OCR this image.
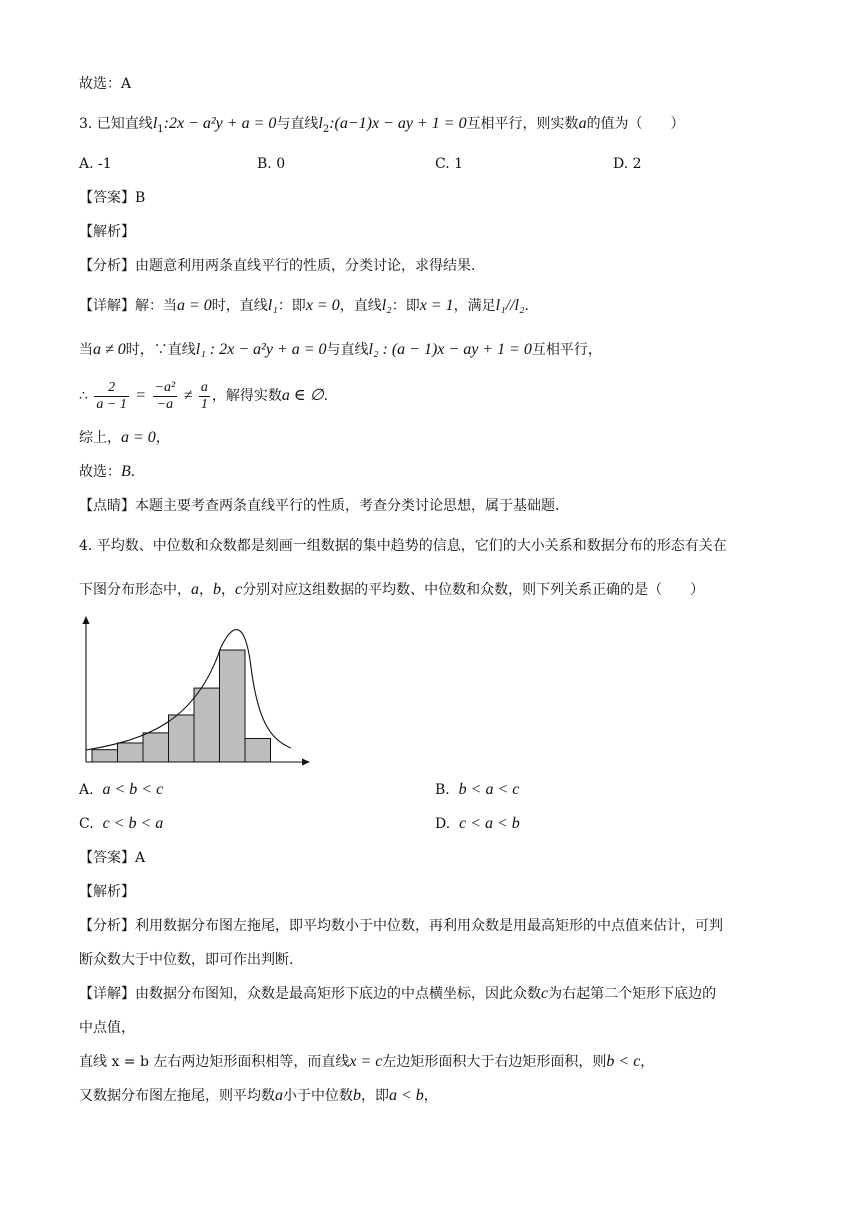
故选：A
3. 已知直线$l_1:2x - a^2y + a = 0$与直线$l_2:(a-1)x$ − ay + 1 = 0互相平行，则实数a的值为（　　）
A. -1	B. 0	C. 1	D. 2
【答案】B
【解析】
【分析】由题意利用两条直线平行的性质，分类讨论，求得结果.
【详解】解：当a = 0时，直线l₁：即x = 0，直线l₂：即x = 1，满足l₁//l₂.
当a ≠ 0时，∵直线l₁ : 2x − a²y + a = 0与直线l₂ : (a − 1)x − ay + 1 = 0互相平行，
∴ $\frac{2}{a - 1} = \frac{\text{−a²}}{-a} \ne \frac{a}{1}$ ，解得实数a ∈ ∅.
综上，a = 0，
故选：B.
【点睛】本题主要考查两条直线平行的性质，考查分类讨论思想，属于基础题.
4. 平均数、中位数和众数都是刻画一组数据的集中趋势的信息，它们的大小关系和数据分布的形态有关在
下图分布形态中，a，b，c分别对应这组数据的平均数、中位数和众数，则下列关系正确的是（　　）
A. a < b < c	B. b < a < c
C. c < b < a	D. c < a < b
【答案】A
【解析】
【分析】利用数据分布图左拖尾，即平均数小于中位数，再利用众数是用最高矩形的中点值来估计，可判
断众数大于中位数，即可作出判断.
【详解】由数据分布图知，众数是最高矩形下底边的中点横坐标，因此众数c为右起第二个矩形下底边的
中点值，
直线 x = b 左右两边矩形面积相等，而直线x = c左边矩形面积大于右边矩形面积，则b < c，
又数据分布图左拖尾，则平均数a小于中位数b，即a < b，
